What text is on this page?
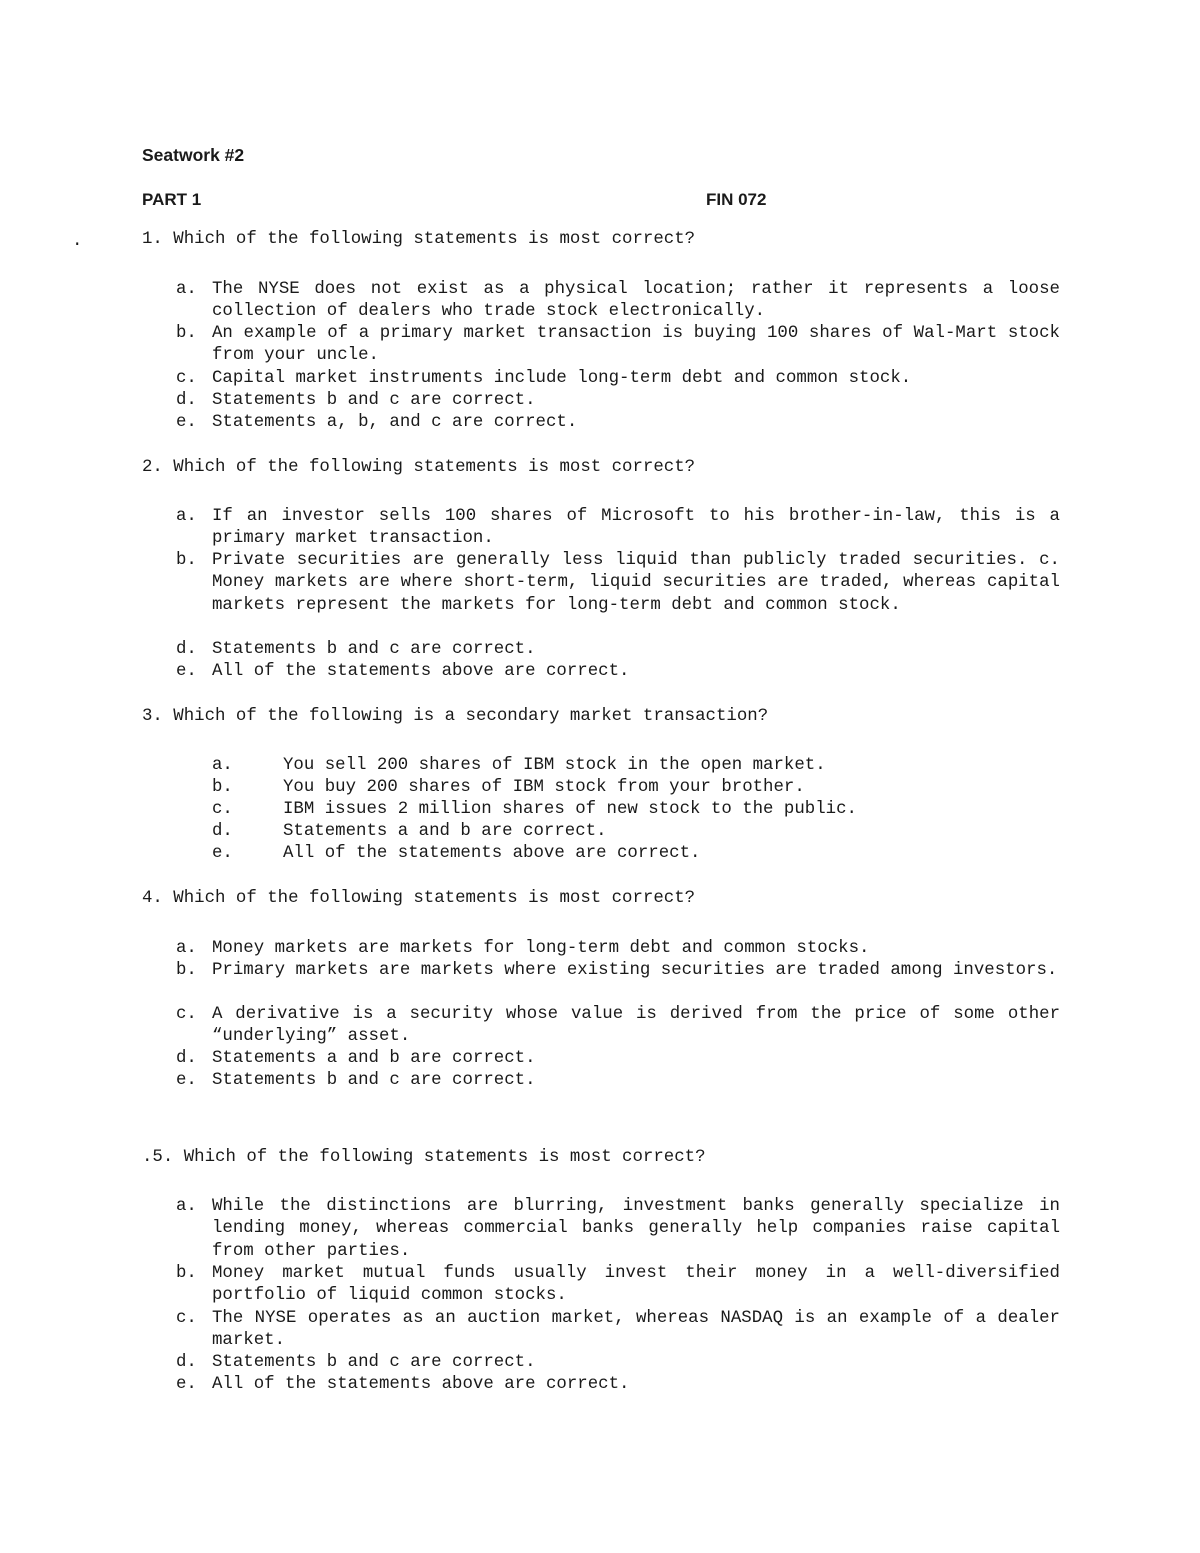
Seatwork #2
PART 1	FIN 072
.	1. Which of the following statements is most correct?
a. The NYSE does not exist as a physical location; rather it represents a loose collection of dealers who trade stock electronically.
b. An example of a primary market transaction is buying 100 shares of Wal-Mart stock from your uncle.
c. Capital market instruments include long-term debt and common stock.
d. Statements b and c are correct.
e. Statements a, b, and c are correct.
2. Which of the following statements is most correct?
a. If an investor sells 100 shares of Microsoft to his brother-in-law, this is a primary market transaction.
b. Private securities are generally less liquid than publicly traded securities. c. Money markets are where short-term, liquid securities are traded, whereas capital markets represent the markets for long-term debt and common stock.
d. Statements b and c are correct.
e. All of the statements above are correct.
3. Which of the following is a secondary market transaction?
a.	You sell 200 shares of IBM stock in the open market.
b.	You buy 200 shares of IBM stock from your brother.
c.	IBM issues 2 million shares of new stock to the public.
d.	Statements a and b are correct.
e.	All of the statements above are correct.
4. Which of the following statements is most correct?
a. Money markets are markets for long-term debt and common stocks.
b. Primary markets are markets where existing securities are traded among investors.
c. A derivative is a security whose value is derived from the price of some other “underlying” asset.
d. Statements a and b are correct.
e. Statements b and c are correct.
.5. Which of the following statements is most correct?
a. While the distinctions are blurring, investment banks generally specialize in lending money, whereas commercial banks generally help companies raise capital from other parties.
b. Money market mutual funds usually invest their money in a well-diversified portfolio of liquid common stocks.
c. The NYSE operates as an auction market, whereas NASDAQ is an example of a dealer market.
d. Statements b and c are correct.
e. All of the statements above are correct.
